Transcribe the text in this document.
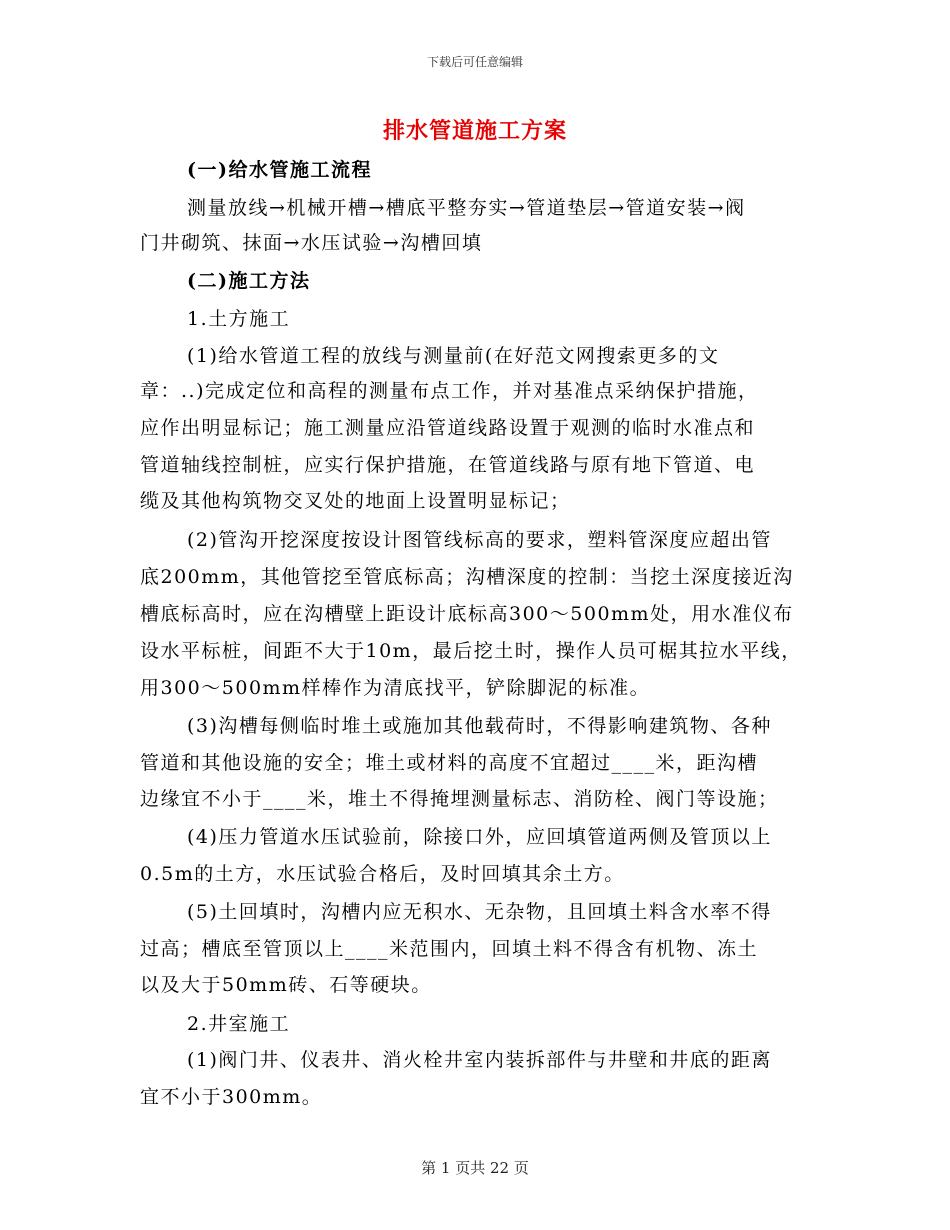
下载后可任意编辑
排水管道施工方案
(一)给水管施工流程
测量放线→机械开槽→槽底平整夯实→管道垫层→管道安装→阀
门井砌筑、抹面→水压试验→沟槽回填
(二)施工方法
1.土方施工
(1)给水管道工程的放线与测量前(在好范文网搜索更多的文
章：..)完成定位和高程的测量布点工作，并对基准点采纳保护措施，
应作出明显标记；施工测量应沿管道线路设置于观测的临时水准点和
管道轴线控制桩，应实行保护措施，在管道线路与原有地下管道、电
缆及其他构筑物交叉处的地面上设置明显标记；
(2)管沟开挖深度按设计图管线标高的要求，塑料管深度应超出管
底200mm，其他管挖至管底标高；沟槽深度的控制：当挖土深度接近沟
槽底标高时，应在沟槽壁上距设计底标高300～500mm处，用水准仪布
设水平标桩，间距不大于10m，最后挖土时，操作人员可椐其拉水平线，
用300～500mm样棒作为清底找平，铲除脚泥的标准。
(3)沟槽每侧临时堆土或施加其他载荷时，不得影响建筑物、各种
管道和其他设施的安全；堆土或材料的高度不宜超过____米，距沟槽
边缘宜不小于____米，堆土不得掩埋测量标志、消防栓、阀门等设施；
(4)压力管道水压试验前，除接口外，应回填管道两侧及管顶以上
0.5m的土方，水压试验合格后，及时回填其余土方。
(5)土回填时，沟槽内应无积水、无杂物，且回填土料含水率不得
过高；槽底至管顶以上____米范围内，回填土料不得含有机物、冻土
以及大于50mm砖、石等硬块。
2.井室施工
(1)阀门井、仪表井、消火栓井室内装拆部件与井壁和井底的距离
宜不小于300mm。
第 1 页共 22 页
